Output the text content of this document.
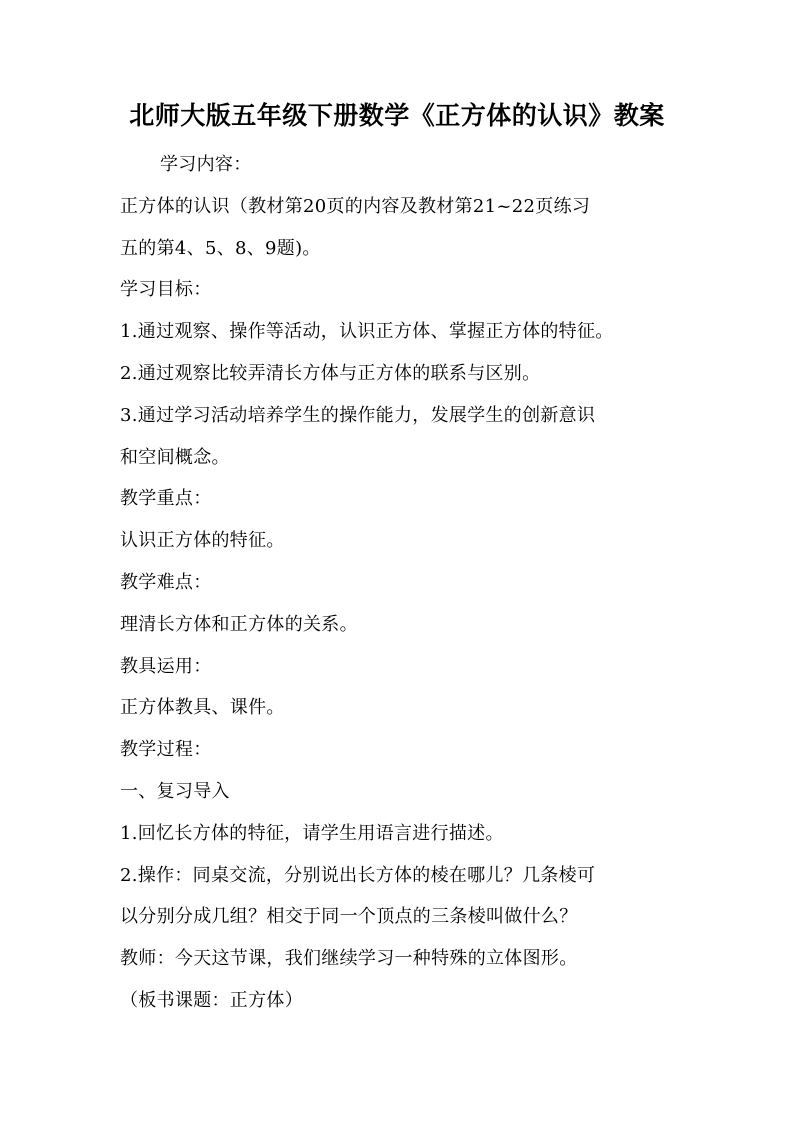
北师大版五年级下册数学《正方体的认识》教案
学习内容：
正方体的认识（教材第20页的内容及教材第21~22页练习
五的第4、5、8、9题)。
学习目标：
1.通过观察、操作等活动，认识正方体、掌握正方体的特征。
2.通过观察比较弄清长方体与正方体的联系与区别。
3.通过学习活动培养学生的操作能力，发展学生的创新意识
和空间概念。
教学重点：
认识正方体的特征。
教学难点：
理清长方体和正方体的关系。
教具运用：
正方体教具、课件。
教学过程：
一、复习导入
1.回忆长方体的特征，请学生用语言进行描述。
2.操作：同桌交流，分别说出长方体的棱在哪儿？几条棱可
以分别分成几组？相交于同一个顶点的三条棱叫做什么？
教师：今天这节课，我们继续学习一种特殊的立体图形。
（板书课题：正方体）
